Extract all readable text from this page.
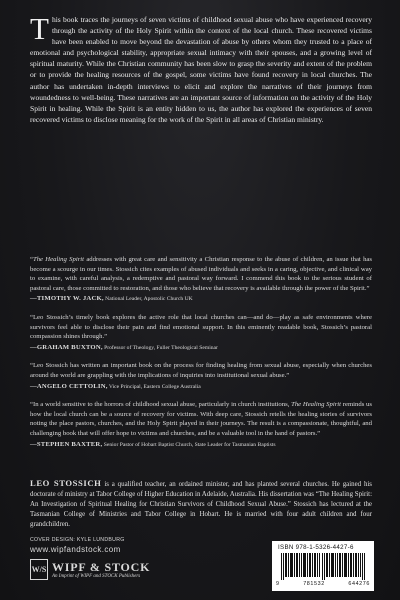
This book traces the journeys of seven victims of childhood sexual abuse who have experienced recovery through the activity of the Holy Spirit within the context of the local church. These recovered victims have been enabled to move beyond the devastation of abuse by others whom they trusted to a place of emotional and psychological stability, appropriate sexual intimacy with their spouses, and a growing level of spiritual maturity. While the Christian community has been slow to grasp the severity and extent of the problem or to provide the healing resources of the gospel, some victims have found recovery in local churches. The author has undertaken in-depth interviews to elicit and explore the narratives of their journeys from woundedness to well-being. These narratives are an important source of information on the activity of the Holy Spirit in healing. While the Spirit is an entity hidden to us, the author has explored the experiences of seven recovered victims to disclose meaning for the work of the Spirit in all areas of Christian ministry.

“The Healing Spirit addresses with great care and sensitivity a Christian response to the abuse of children, an issue that has become a scourge in our times. Stossich cites examples of abused individuals and seeks in a caring, objective, and clinical way to examine, with careful analysis, a redemptive and pastoral way forward. I commend this book to the serious student of pastoral care, those committed to restoration, and those who believe that recovery is available through the power of the Spirit.”

—TIMOTHY W. JACK, National Leader, Apostolic Church UK

“Leo Stossich’s timely book explores the active role that local churches can—and do—play as safe environments where survivors feel able to disclose their pain and find emotional support. In this eminently readable book, Stossich’s pastoral compassion shines through.”

—GRAHAM BUXTON, Professor of Theology, Fuller Theological Seminar

“Leo Stossich has written an important book on the process for finding healing from sexual abuse, especially when churches around the world are grappling with the implications of inquiries into institutional sexual abuse.”

—ANGELO CETTOLIN, Vice Principal, Eastern College Australia

“In a world sensitive to the horrors of childhood sexual abuse, particularly in church institutions, The Healing Spirit reminds us how the local church can be a source of recovery for victims. With deep care, Stossich retells the healing stories of survivors noting the place pastors, churches, and the Holy Spirit played in their journeys. The result is a compassionate, thoughtful, and challenging book that will offer hope to victims and churches, and be a valuable tool in the hand of pastors.”

—STEPHEN BAXTER, Senior Pastor of Hobart Baptist Church, State Leader for Tasmanian Baptists

LEO STOSSICH is a qualified teacher, an ordained minister, and has planted several churches. He gained his doctorate of ministry at Tabor College of Higher Education in Adelaide, Australia. His dissertation was “The Healing Spirit: An Investigation of Spiritual Healing for Christian Survivors of Childhood Sexual Abuse.” Stossich has lectured at the Tasmanian College of Ministries and Tabor College in Hobart. He is married with four adult children and four grandchildren.
COVER DESIGN: KYLE LUNDBURG
www.wipfandstock.com
W/S WIPF & STOCK
An Imprint of WIPF and STOCK Publishers
ISBN 978-1-5326-4427-6
9	781532	644276
